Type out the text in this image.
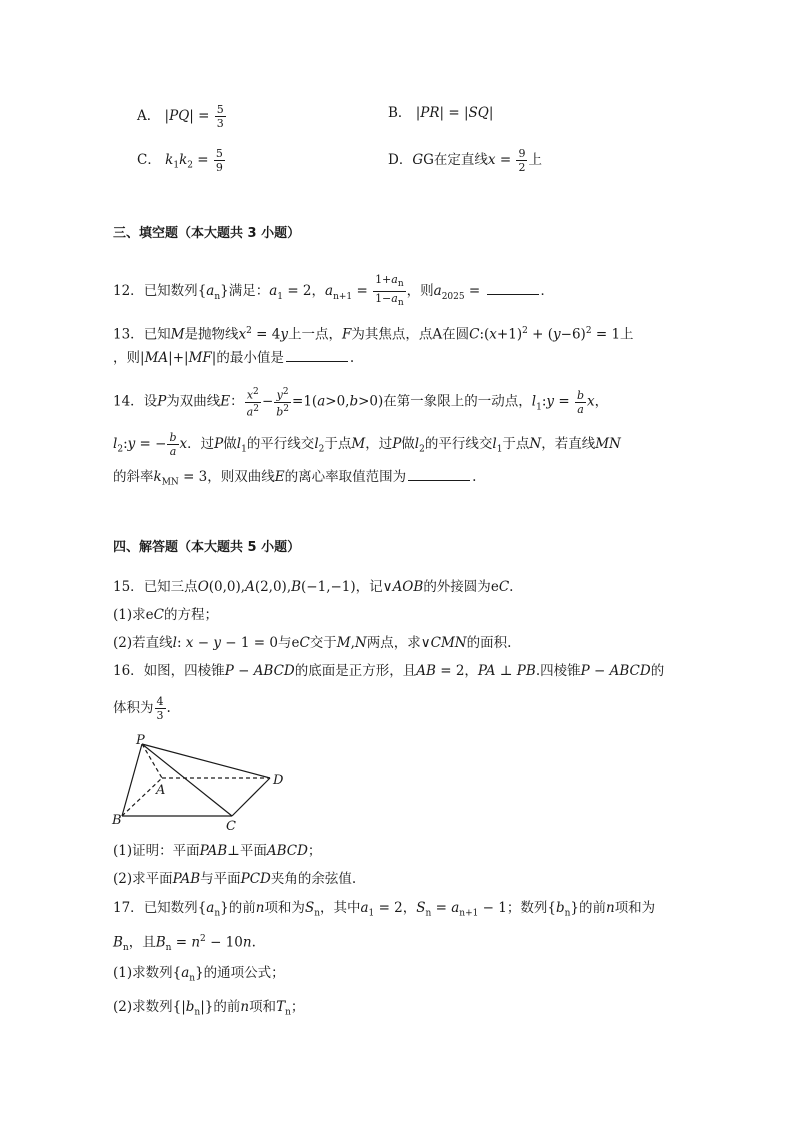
A． $|PQ| = \frac{5}{3}$	B． |PR| = |SQ|
C． $k_1k_2 = \frac{5}{9}$	D．GG在定直线$x = \frac{9}{2}$ 上
三、填空题（本大题共 3 小题）
12．已知数列$\{a_n\}$满足：$a_1 = 2$，$a_{n+1} = \frac{1+a_n}{1-a_n}$ ，则$a_{2025}$ =	．
13．已知M是抛物线$x^2 = 4y$上一点，F为其焦点，点A在圆$C:(x+1)^2 + (y-6)^2 = 1$上
，则|MA|+|MF|的最小值是	.
14．设P为双曲线E： $\frac{x^2}{a^2} - \frac{y^2}{b^2} =1(a>0,b>0)$在第一象限上的一动点，$l_1:y = \frac{b}{a}$ x，
$l_2:y$ = − $\frac{b}{a}$ x．过P做$l_1$的平行线交$l_2$于点M，过P做$l_2$的平行线交$l_1$于点N，若直线MN
的斜率$k_{MN} = 3$，则双曲线E的离心率取值范围为	.
四、解答题（本大题共 5 小题）
15．已知三点O(0,0),A(2,0),B(−1,−1)，记∨AOB的外接圆为eC.
(1)求eC的方程；
(2)若直线l: x − y − 1 = 0与eC交于M,N两点，求∨CMN的面积.
16．如图，四棱锥P − ABCD的底面是正方形，且AB = 2，PA ⊥ PB.四棱锥P − ABCD的
体积为 $\frac{4}{3}$ .
P
A
B	C
D
(1)证明：平面PAB⊥平面ABCD；
(2)求平面PAB与平面PCD夹角的余弦值.
17．已知数列$\{a_n\}$的前n项和为$S_n$，其中$a_1 = 2$，$S_n = a_{n+1} - 1$；数列$\{b_n\}$的前n项和为
$B_n$，且$B_n = n^2 - 10n$.
(1)求数列$\{a_n\}$的通项公式；
(2)求数列$\{|b_n|\}$的前n项和$T_n$；
